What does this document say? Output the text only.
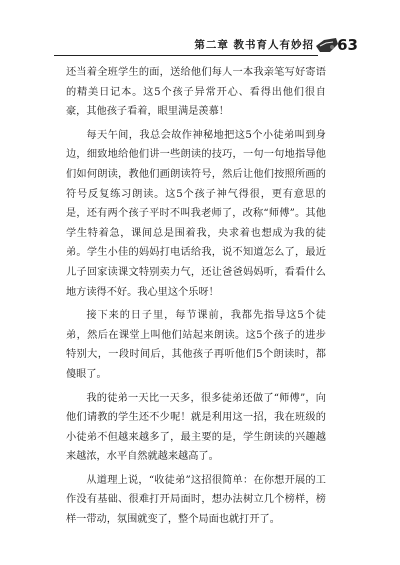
第二章 教书育人有妙招 63

还当着全班学生的面，送给他们每人一本我亲笔写好寄语的精美日记本。这5个孩子异常开心、看得出他们很自豪，其他孩子看着，眼里满是羡慕！

每天午间，我总会故作神秘地把这5个小徒弟叫到身边，细致地给他们讲一些朗读的技巧，一句一句地指导他们如何朗读，教他们画朗读符号，然后让他们按照所画的符号反复练习朗读。这5个孩子神气得很，更有意思的是，还有两个孩子平时不叫我老师了，改称“师傅”。其他学生特着急，课间总是围着我，央求着也想成为我的徒弟。学生小佳的妈妈打电话给我，说不知道怎么了，最近儿子回家读课文特别卖力气，还让爸爸妈妈听，看看什么地方读得不好。我心里这个乐呀！

接下来的日子里，每节课前，我都先指导这5个徒弟，然后在课堂上叫他们站起来朗读。这5个孩子的进步特别大，一段时间后，其他孩子再听他们5个朗读时，都傻眼了。

我的徒弟一天比一天多，很多徒弟还做了“师傅”，向他们请教的学生还不少呢！就是利用这一招，我在班级的小徒弟不但越来越多了，最主要的是，学生朗读的兴趣越来越浓，水平自然就越来越高了。

从道理上说，“收徒弟”这招很简单：在你想开展的工作没有基础、很难打开局面时，想办法树立几个榜样，榜样一带动，氛围就变了，整个局面也就打开了。
